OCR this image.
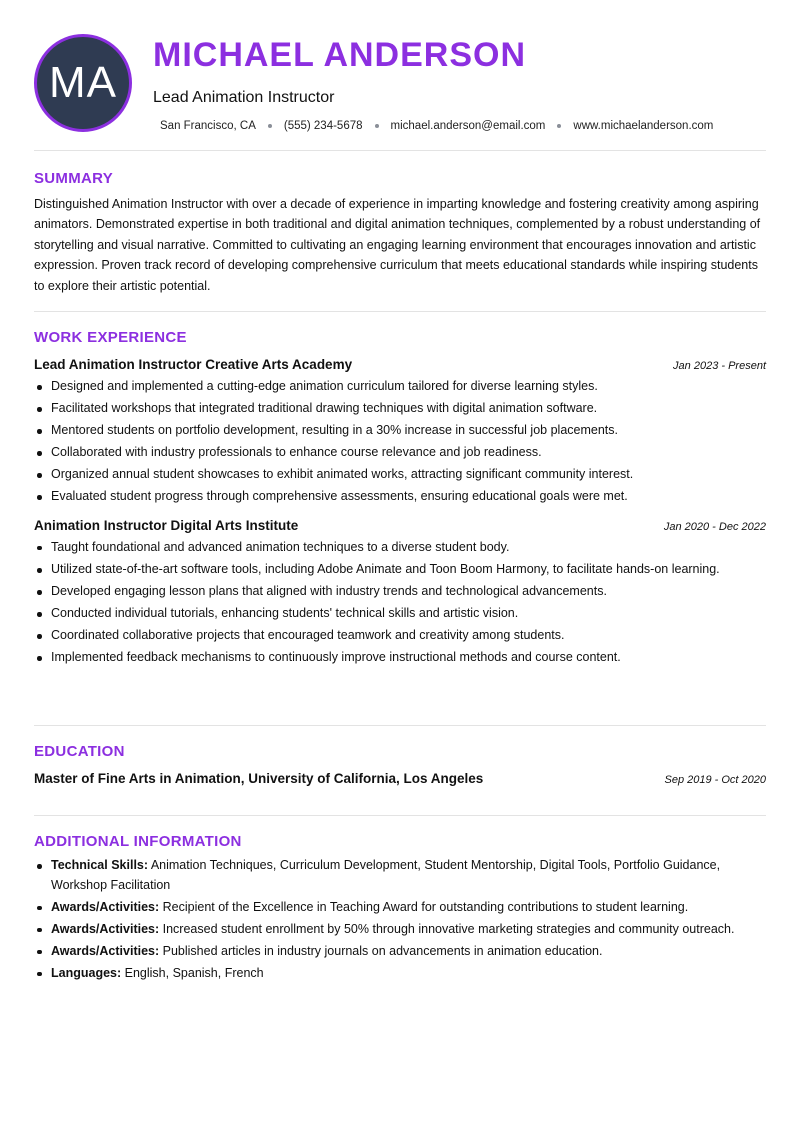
MA
MICHAEL ANDERSON
Lead Animation Instructor
San Francisco, CA (555) 234-5678 michael.anderson@email.com www.michaelanderson.com
SUMMARY
Distinguished Animation Instructor with over a decade of experience in imparting knowledge and fostering creativity among aspiring animators. Demonstrated expertise in both traditional and digital animation techniques, complemented by a robust understanding of storytelling and visual narrative. Committed to cultivating an engaging learning environment that encourages innovation and artistic expression. Proven track record of developing comprehensive curriculum that meets educational standards while inspiring students to explore their artistic potential.
WORK EXPERIENCE
Lead Animation Instructor Creative Arts Academy	Jan 2023 - Present
Designed and implemented a cutting-edge animation curriculum tailored for diverse learning styles.
Facilitated workshops that integrated traditional drawing techniques with digital animation software.
Mentored students on portfolio development, resulting in a 30% increase in successful job placements.
Collaborated with industry professionals to enhance course relevance and job readiness.
Organized annual student showcases to exhibit animated works, attracting significant community interest.
Evaluated student progress through comprehensive assessments, ensuring educational goals were met.
Animation Instructor Digital Arts Institute	Jan 2020 - Dec 2022
Taught foundational and advanced animation techniques to a diverse student body.
Utilized state-of-the-art software tools, including Adobe Animate and Toon Boom Harmony, to facilitate hands-on learning.
Developed engaging lesson plans that aligned with industry trends and technological advancements.
Conducted individual tutorials, enhancing students' technical skills and artistic vision.
Coordinated collaborative projects that encouraged teamwork and creativity among students.
Implemented feedback mechanisms to continuously improve instructional methods and course content.
EDUCATION
Master of Fine Arts in Animation, University of California, Los Angeles	Sep 2019 - Oct 2020
ADDITIONAL INFORMATION
Technical Skills: Animation Techniques, Curriculum Development, Student Mentorship, Digital Tools, Portfolio Guidance, Workshop Facilitation
Awards/Activities: Recipient of the Excellence in Teaching Award for outstanding contributions to student learning.
Awards/Activities: Increased student enrollment by 50% through innovative marketing strategies and community outreach.
Awards/Activities: Published articles in industry journals on advancements in animation education.
Languages: English, Spanish, French
